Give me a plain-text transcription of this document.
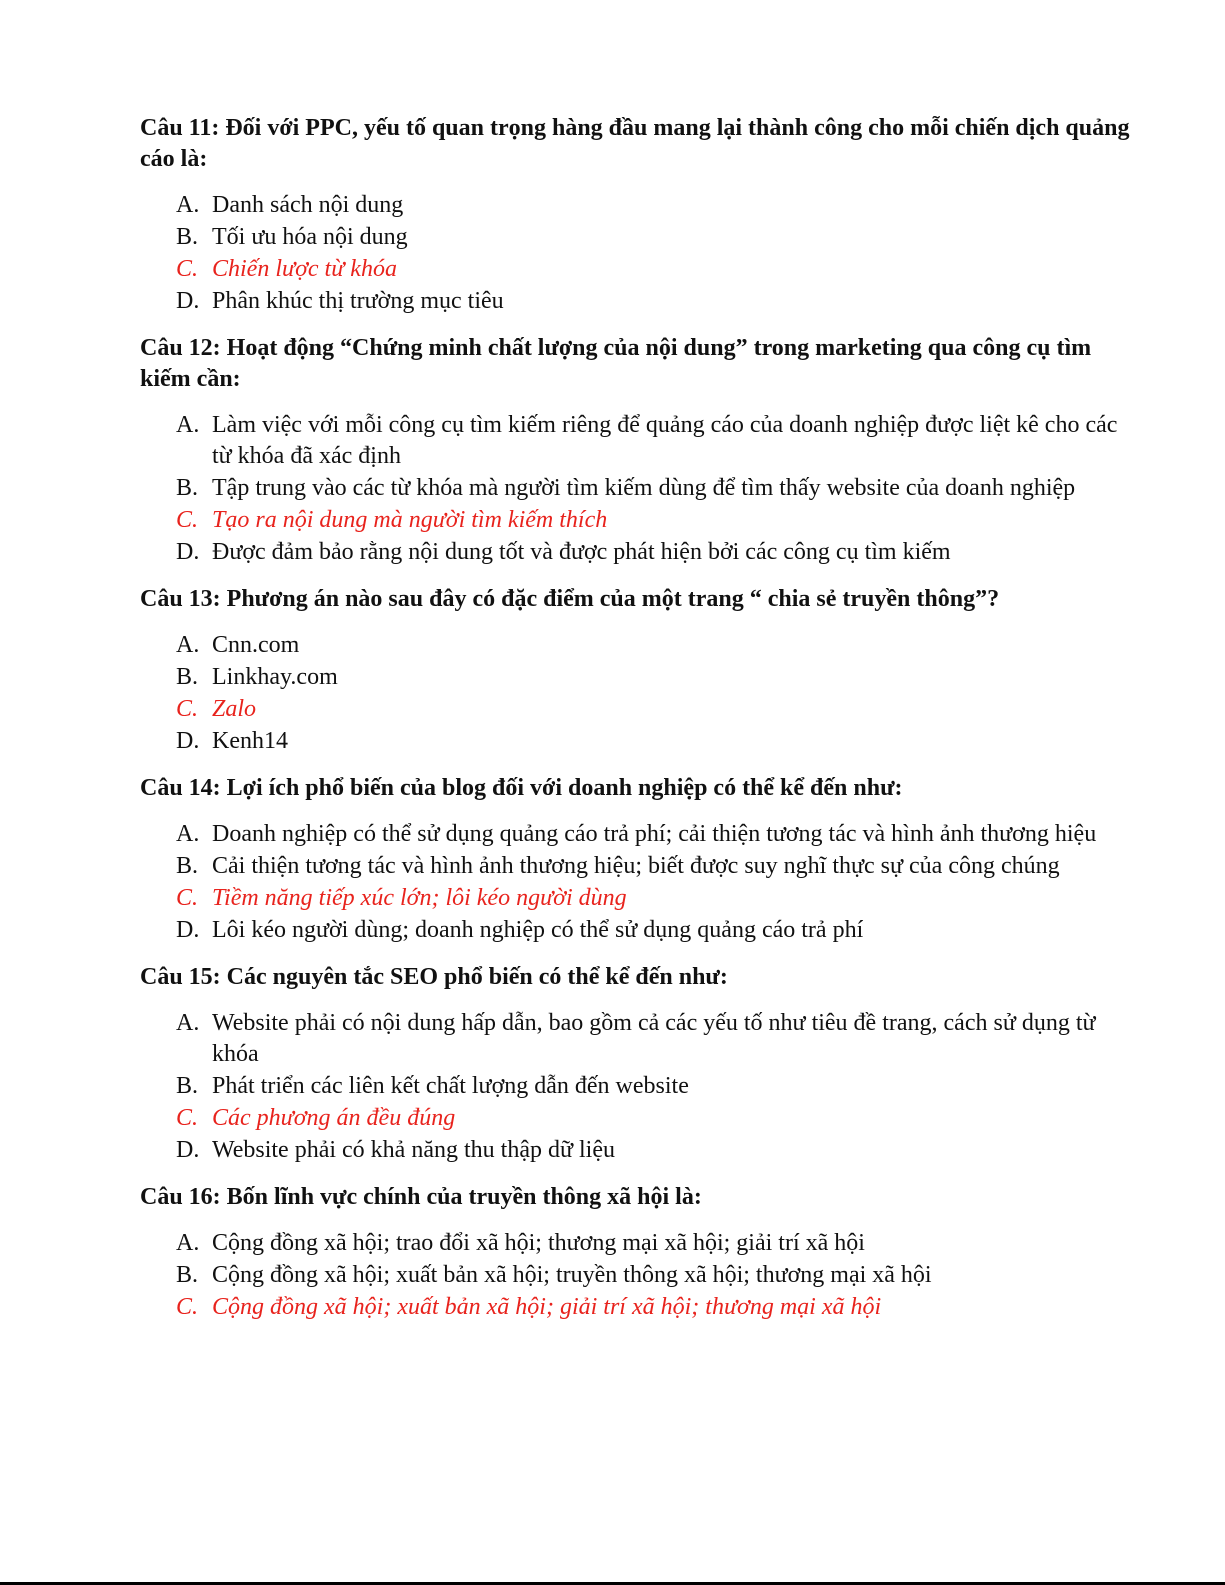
Câu 11: Đối với PPC, yếu tố quan trọng hàng đầu mang lại thành công cho mỗi chiến dịch quảng cáo là:

A. Danh sách nội dung
B. Tối ưu hóa nội dung
C. Chiến lược từ khóa
D. Phân khúc thị trường mục tiêu

Câu 12: Hoạt động “Chứng minh chất lượng của nội dung” trong marketing qua công cụ tìm kiếm cần:

A. Làm việc với mỗi công cụ tìm kiếm riêng để quảng cáo của doanh nghiệp được liệt kê cho các từ khóa đã xác định
B. Tập trung vào các từ khóa mà người tìm kiếm dùng để tìm thấy website của doanh nghiệp
C. Tạo ra nội dung mà người tìm kiếm thích
D. Được đảm bảo rằng nội dung tốt và được phát hiện bởi các công cụ tìm kiếm

Câu 13: Phương án nào sau đây có đặc điểm của một trang “ chia sẻ truyền thông”?

A. Cnn.com
B. Linkhay.com
C. Zalo
D. Kenh14

Câu 14: Lợi ích phổ biến của blog đối với doanh nghiệp có thể kể đến như:

A. Doanh nghiệp có thể sử dụng quảng cáo trả phí; cải thiện tương tác và hình ảnh thương hiệu
B. Cải thiện tương tác và hình ảnh thương hiệu; biết được suy nghĩ thực sự của công chúng
C. Tiềm năng tiếp xúc lớn; lôi kéo người dùng
D. Lôi kéo người dùng; doanh nghiệp có thể sử dụng quảng cáo trả phí

Câu 15: Các nguyên tắc SEO phổ biến có thể kể đến như:

A. Website phải có nội dung hấp dẫn, bao gồm cả các yếu tố như tiêu đề trang, cách sử dụng từ khóa
B. Phát triển các liên kết chất lượng dẫn đến website
C. Các phương án đều đúng
D. Website phải có khả năng thu thập dữ liệu

Câu 16: Bốn lĩnh vực chính của truyền thông xã hội là:

A. Cộng đồng xã hội; trao đổi xã hội; thương mại xã hội; giải trí xã hội
B. Cộng đồng xã hội; xuất bản xã hội; truyền thông xã hội; thương mại xã hội
C. Cộng đồng xã hội; xuất bản xã hội; giải trí xã hội; thương mại xã hội
